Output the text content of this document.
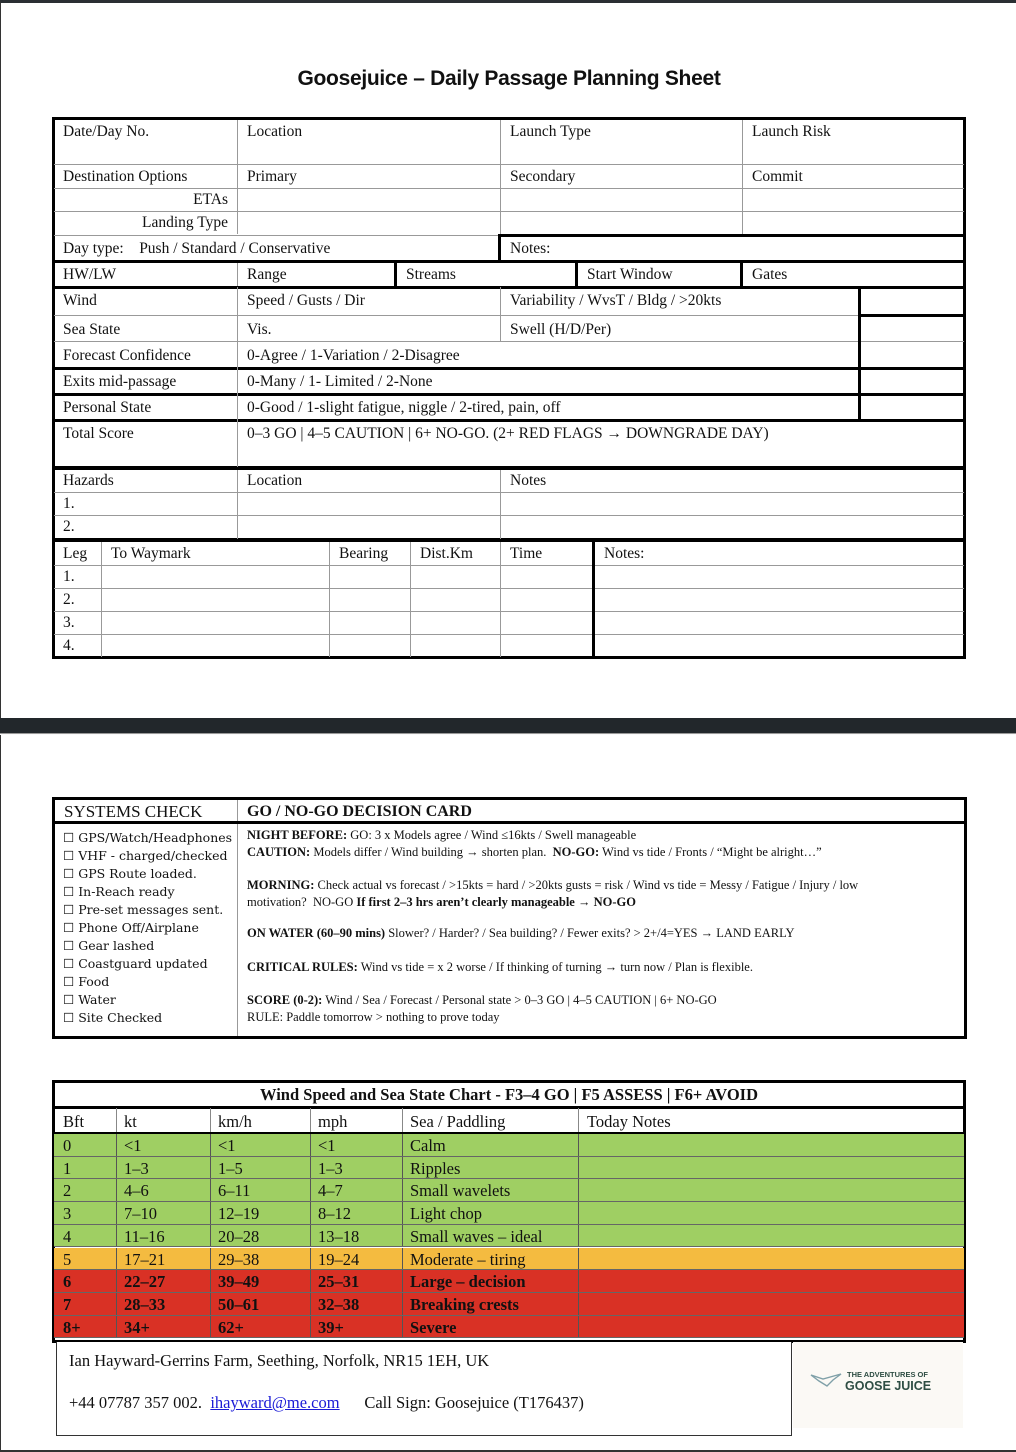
Goosejuice – Daily Passage Planning Sheet
Date/Day No.	Location	Launch Type	Launch Risk
Destination Options	Primary	Secondary	Commit
ETAs
Landing Type
Day type:    Push / Standard / Conservative	Notes:
HW/LW	Range	Streams	Start Window	Gates
Wind	Speed / Gusts / Dir	Variability / WvsT / Bldg / >20kts
Sea State	Vis.	Swell (H/D/Per)
Forecast Confidence	0-Agree / 1-Variation / 2-Disagree
Exits mid-passage	0-Many / 1- Limited / 2-None
Personal State	0-Good / 1-slight fatigue, niggle / 2-tired, pain, off
Total Score	0–3 GO | 4–5 CAUTION | 6+ NO-GO. (2+ RED FLAGS → DOWNGRADE DAY)
Hazards	Location	Notes
1.
2.
Leg	To Waymark	Bearing	Dist.Km	Time	Notes:
1.
2.
3.
4.
SYSTEMS CHECK	GO / NO-GO DECISION CARD
☐ GPS/Watch/Headphones
☐ VHF - charged/checked
☐ GPS Route loaded.
☐ In-Reach ready
☐ Pre-set messages sent.
☐ Phone Off/Airplane
☐ Gear lashed
☐ Coastguard updated
☐ Food
☐ Water
☐ Site Checked

NIGHT BEFORE: GO: 3 x Models agree / Wind ≤16kts / Swell manageable

CAUTION: Models differ / Wind building → shorten plan.  NO-GO: Wind vs tide / Fronts / “Might be alright…”

MORNING: Check actual vs forecast / >15kts = hard / >20kts gusts = risk / Wind vs tide = Messy / Fatigue / Injury / low

motivation?  NO-GO If first 2–3 hrs aren’t clearly manageable → NO-GO

ON WATER (60–90 mins) Slower? / Harder? / Sea building? / Fewer exits? > 2+/4=YES → LAND EARLY

CRITICAL RULES: Wind vs tide = x 2 worse / If thinking of turning → turn now / Plan is flexible.

SCORE (0-2): Wind / Sea / Forecast / Personal state > 0–3 GO | 4–5 CAUTION | 6+ NO-GO

RULE: Paddle tomorrow > nothing to prove today

Wind Speed and Sea State Chart - F3–4 GO | F5 ASSESS | F6+ AVOID
Bft kt	km/h	mph	Sea / Paddling	Today Notes
0	<1	<1	<1	Calm
1	1–3	1–5	1–3	Ripples
2	4–6	6–11	4–7	Small wavelets
3	7–10	12–19	8–12	Light chop
4	11–16	20–28	13–18	Small waves – ideal
5	17–21	29–38	19–24	Moderate – tiring
6	22–27	39–49	25–31	Large – decision
7	28–33	50–61	32–38	Breaking crests
8+	34+	62+	39+	Severe
Ian Hayward-Gerrins Farm, Seething, Norfolk, NR15 1EH, UK
+44 07787 357 002. ihayward@me.com Call Sign: Goosejuice (T176437)
THE ADVENTURES OF
GOOSE JUICE
